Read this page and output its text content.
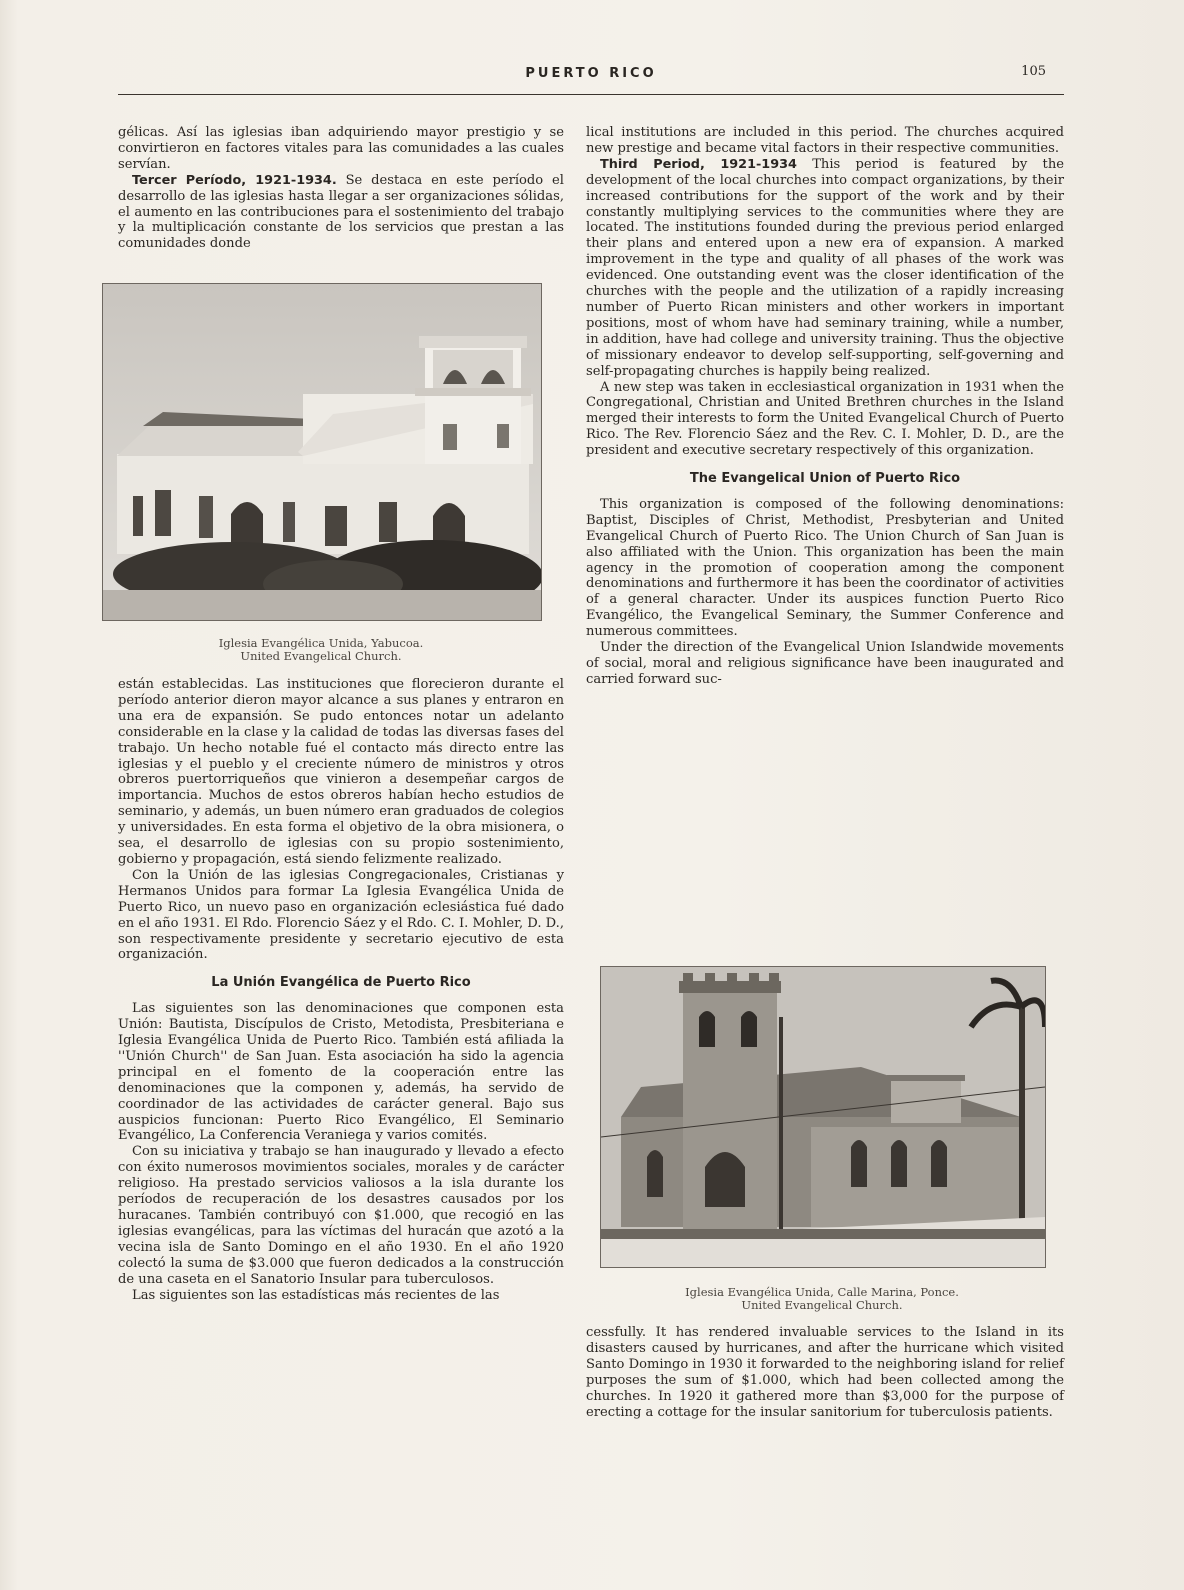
PUERTO RICO	105

gélicas. Así las iglesias iban adquiriendo mayor prestigio y se convirtieron en factores vitales para las comunidades a las cuales servían.

Tercer Período, 1921-1934. Se destaca en este período el desarrollo de las iglesias hasta llegar a ser organizaciones sólidas, el aumento en las contribuciones para el sostenimiento del trabajo y la multiplicación constante de los servicios que prestan a las comunidades donde

Iglesia Evangélica Unida, Yabucoa.
United Evangelical Church.

están establecidas. Las instituciones que florecieron durante el período anterior dieron mayor alcance a sus planes y entraron en una era de expansión. Se pudo entonces notar un adelanto considerable en la clase y la calidad de todas las diversas fases del trabajo. Un hecho notable fué el contacto más directo entre las iglesias y el pueblo y el creciente número de ministros y otros obreros puertorriqueños que vinieron a desempeñar cargos de importancia. Muchos de estos obreros habían hecho estudios de seminario, y además, un buen número eran graduados de colegios y universidades. En esta forma el objetivo de la obra misionera, o sea, el desarrollo de iglesias con su propio sostenimiento, gobierno y propagación, está siendo felizmente realizado.

Con la Unión de las iglesias Congregacionales, Cristianas y Hermanos Unidos para formar La Iglesia Evangélica Unida de Puerto Rico, un nuevo paso en organización eclesiástica fué dado en el año 1931. El Rdo. Florencio Sáez y el Rdo. C. I. Mohler, D. D., son respectivamente presidente y secretario ejecutivo de esta organización.

La Unión Evangélica de Puerto Rico

Las siguientes son las denominaciones que componen esta Unión: Bautista, Discípulos de Cristo, Metodista, Presbiteriana e Iglesia Evangélica Unida de Puerto Rico. También está afiliada la ''Unión Church'' de San Juan. Esta asociación ha sido la agencia principal en el fomento de la cooperación entre las denominaciones que la componen y, además, ha servido de coordinador de las actividades de carácter general. Bajo sus auspicios funcionan: Puerto Rico Evangélico, El Seminario Evangélico, La Conferencia Veraniega y varios comités.

Con su iniciativa y trabajo se han inaugurado y llevado a efecto con éxito numerosos movimientos sociales, morales y de carácter religioso. Ha prestado servicios valiosos a la isla durante los períodos de recuperación de los desastres causados por los huracanes. También contribuyó con $1.000, que recogió en las iglesias evangélicas, para las víctimas del huracán que azotó a la vecina isla de Santo Domingo en el año 1930. En el año 1920 colectó la suma de $3.000 que fueron dedicados a la construcción de una caseta en el Sanatorio Insular para tuberculosos.

Las siguientes son las estadísticas más recientes de las

lical institutions are included in this period. The churches acquired new prestige and became vital factors in their respective communities.

Third Period, 1921-1934 This period is featured by the development of the local churches into compact organizations, by their increased contributions for the support of the work and by their constantly multiplying services to the communities where they are located. The institutions founded during the previous period enlarged their plans and entered upon a new era of expansion. A marked improvement in the type and quality of all phases of the work was evidenced. One outstanding event was the closer identification of the churches with the people and the utilization of a rapidly increasing number of Puerto Rican ministers and other workers in important positions, most of whom have had seminary training, while a number, in addition, have had college and university training. Thus the objective of missionary endeavor to develop self-supporting, self-governing and self-propagating churches is happily being realized.

A new step was taken in ecclesiastical organization in 1931 when the Congregational, Christian and United Brethren churches in the Island merged their interests to form the United Evangelical Church of Puerto Rico. The Rev. Florencio Sáez and the Rev. C. I. Mohler, D. D., are the president and executive secretary respectively of this organization.

The Evangelical Union of Puerto Rico

This organization is composed of the following denominations: Baptist, Disciples of Christ, Methodist, Presbyterian and United Evangelical Church of Puerto Rico. The Union Church of San Juan is also affiliated with the Union. This organization has been the main agency in the promotion of cooperation among the component denominations and furthermore it has been the coordinator of activities of a general character. Under its auspices function Puerto Rico Evangélico, the Evangelical Seminary, the Summer Conference and numerous committees.

Under the direction of the Evangelical Union Islandwide movements of social, moral and religious significance have been inaugurated and carried forward suc-

Iglesia Evangélica Unida, Calle Marina, Ponce.
United Evangelical Church.

cessfully. It has rendered invaluable services to the Island in its disasters caused by hurricanes, and after the hurricane which visited Santo Domingo in 1930 it forwarded to the neighboring island for relief purposes the sum of $1.000, which had been collected among the churches. In 1920 it gathered more than $3,000 for the purpose of erecting a cottage for the insular sanitorium for tuberculosis patients.
